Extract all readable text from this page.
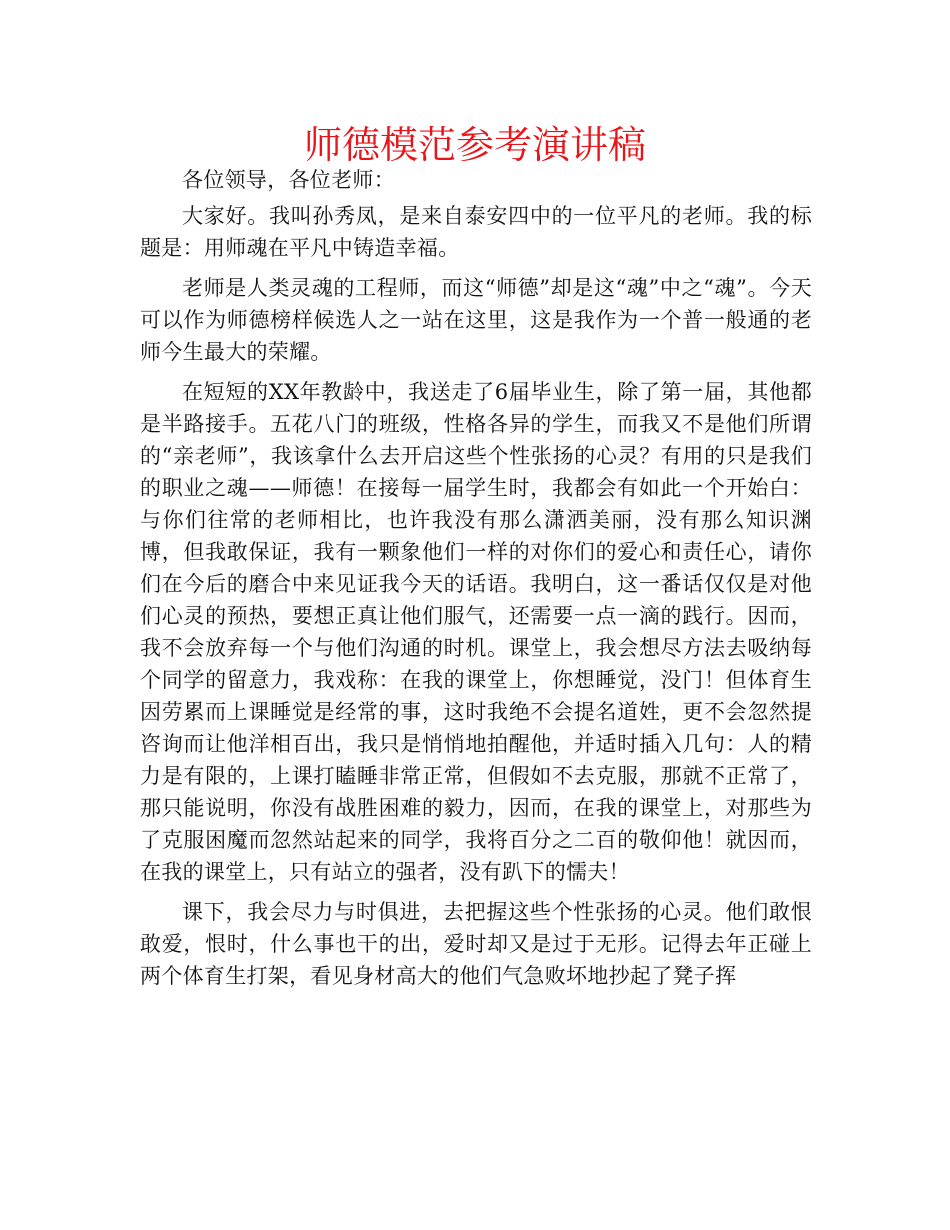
师德模范参考演讲稿

各位领导，各位老师：

大家好。我叫孙秀凤，是来自泰安四中的一位平凡的老师。我的标题是：用师魂在平凡中铸造幸福。

老师是人类灵魂的工程师，而这“师德”却是这“魂”中之“魂”。今天可以作为师德榜样候选人之一站在这里，这是我作为一个普一般通的老师今生最大的荣耀。

在短短的XX年教龄中，我送走了6届毕业生，除了第一届，其他都是半路接手。五花八门的班级，性格各异的学生，而我又不是他们所谓的“亲老师”，我该拿什么去开启这些个性张扬的心灵？有用的只是我们的职业之魂——师德！在接每一届学生时，我都会有如此一个开始白：与你们往常的老师相比，也许我没有那么潇洒美丽，没有那么知识渊博，但我敢保证，我有一颗象他们一样的对你们的爱心和责任心，请你们在今后的磨合中来见证我今天的话语。我明白，这一番话仅仅是对他们心灵的预热，要想正真让他们服气，还需要一点一滴的践行。因而，我不会放弃每一个与他们沟通的时机。课堂上，我会想尽方法去吸纳每个同学的留意力，我戏称：在我的课堂上，你想睡觉，没门！但体育生因劳累而上课睡觉是经常的事，这时我绝不会提名道姓，更不会忽然提咨询而让他洋相百出，我只是悄悄地拍醒他，并适时插入几句：人的精力是有限的，上课打瞌睡非常正常，但假如不去克服，那就不正常了，那只能说明，你没有战胜困难的毅力，因而，在我的课堂上，对那些为了克服困魔而忽然站起来的同学，我将百分之二百的敬仰他！就因而，在我的课堂上，只有站立的强者，没有趴下的懦夫！

课下，我会尽力与时俱进，去把握这些个性张扬的心灵。他们敢恨敢爱，恨时，什么事也干的出，爱时却又是过于无形。记得去年正碰上两个体育生打架，看见身材高大的他们气急败坏地抄起了凳子挥
